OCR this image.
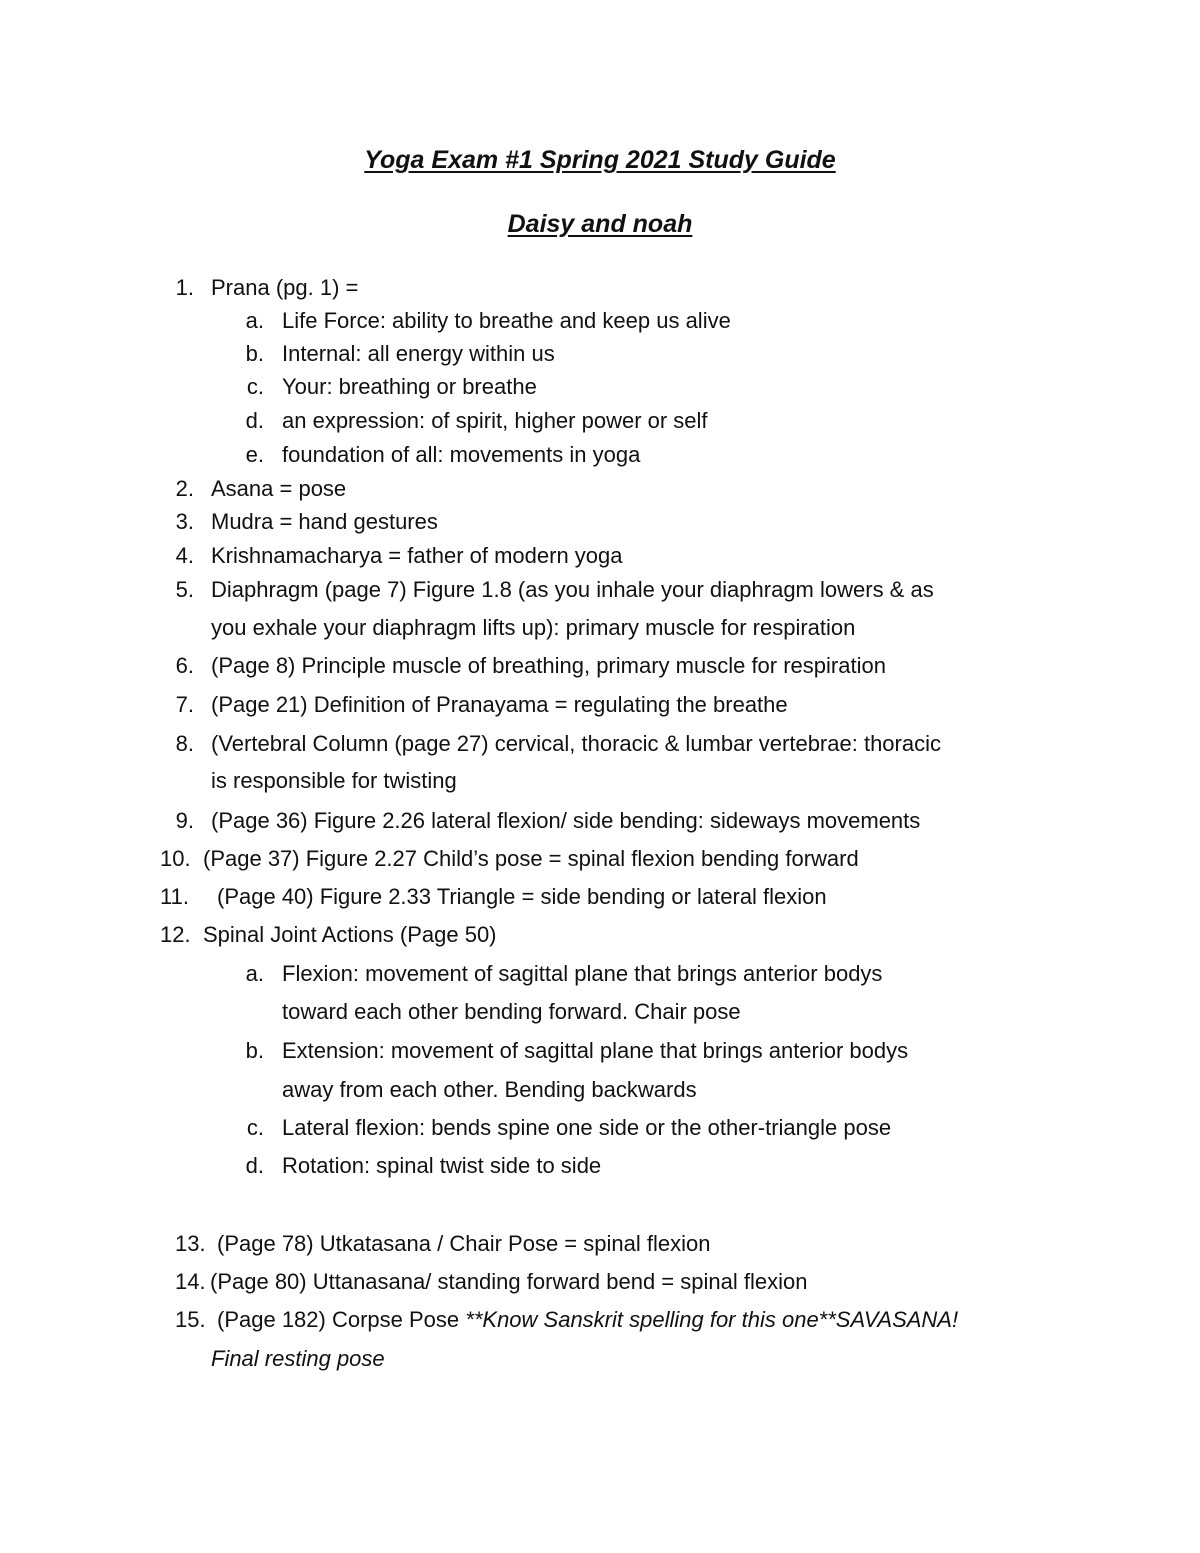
Yoga Exam #1 Spring 2021 Study Guide
Daisy and noah
1. Prana (pg. 1) =
a. Life Force: ability to breathe and keep us alive
b. Internal: all energy within us
c. Your: breathing or breathe
d. an expression: of spirit, higher power or self
e. foundation of all: movements in yoga
2. Asana = pose
3. Mudra = hand gestures
4. Krishnamacharya = father of modern yoga
5. Diaphragm (page 7) Figure 1.8 (as you inhale your diaphragm lowers & as
you exhale your diaphragm lifts up): primary muscle for respiration
6. (Page 8) Principle muscle of breathing, primary muscle for respiration
7. (Page 21) Definition of Pranayama = regulating the breathe
8. (Vertebral Column (page 27) cervical, thoracic & lumbar vertebrae: thoracic
is responsible for twisting
9. (Page 36) Figure 2.26 lateral flexion/ side bending: sideways movements
10. (Page 37) Figure 2.27 Child’s pose = spinal flexion bending forward
11. (Page 40) Figure 2.33 Triangle = side bending or lateral flexion
12. Spinal Joint Actions (Page 50)
a. Flexion: movement of sagittal plane that brings anterior bodys
toward each other bending forward. Chair pose
b. Extension: movement of sagittal plane that brings anterior bodys
away from each other. Bending backwards
c. Lateral flexion: bends spine one side or the other-triangle pose
d. Rotation: spinal twist side to side
13. (Page 78) Utkatasana / Chair Pose = spinal flexion
14. (Page 80) Uttanasana/ standing forward bend = spinal flexion
15. (Page 182) Corpse Pose **Know Sanskrit spelling for this one**SAVASANA!
Final resting pose
